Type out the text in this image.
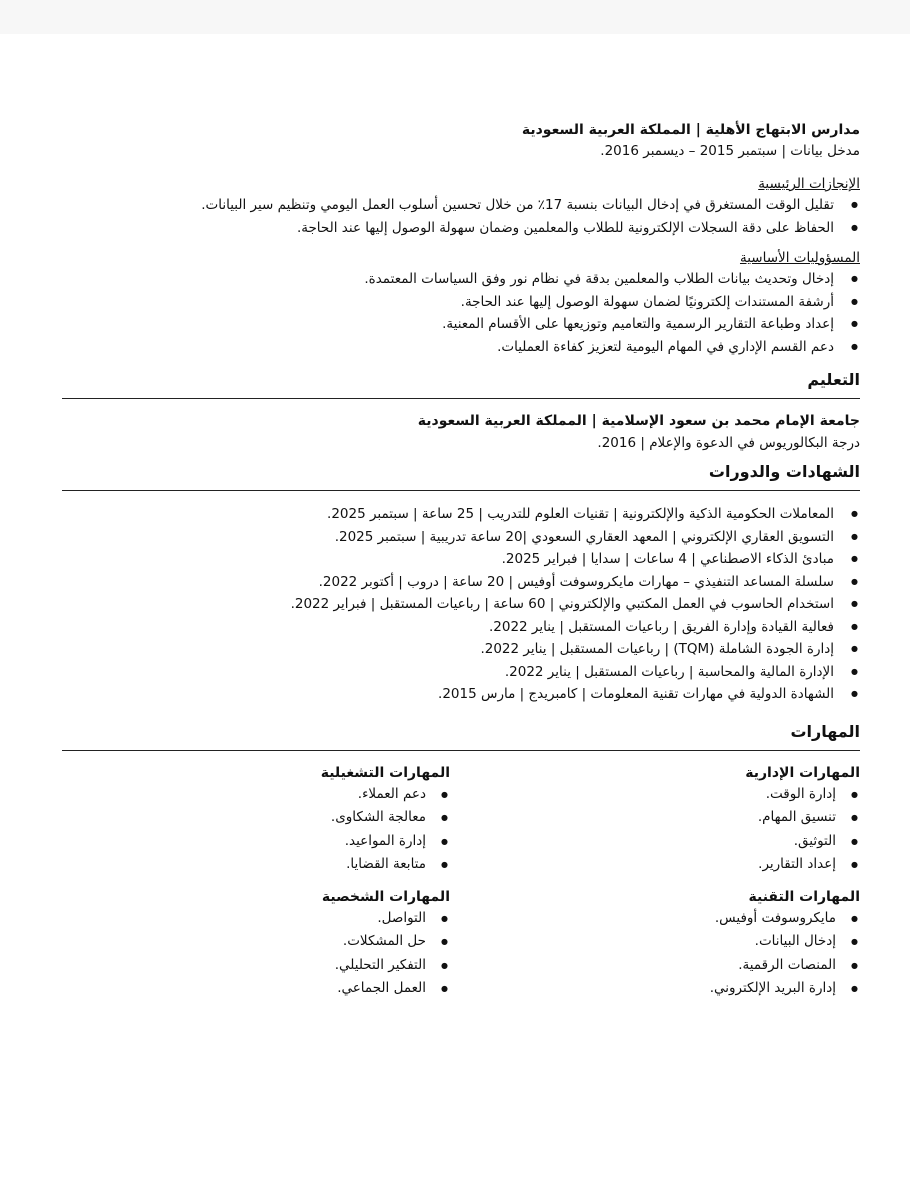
مدارس الابتهاج الأهلية | المملكة العربية السعودية

مدخل بيانات | سبتمبر 2015 – ديسمبر 2016.

الإنجازات الرئيسية

● تقليل الوقت المستغرق في إدخال البيانات بنسبة 17٪ من خلال تحسين أسلوب العمل اليومي وتنظيم سير البيانات.
● الحفاظ على دقة السجلات الإلكترونية للطلاب والمعلمين وضمان سهولة الوصول إليها عند الحاجة.

المسؤوليات الأساسية

● إدخال وتحديث بيانات الطلاب والمعلمين بدقة في نظام نور وفق السياسات المعتمدة.
● أرشفة المستندات إلكترونيًا لضمان سهولة الوصول إليها عند الحاجة.
● إعداد وطباعة التقارير الرسمية والتعاميم وتوزيعها على الأقسام المعنية.
● دعم القسم الإداري في المهام اليومية لتعزيز كفاءة العمليات.

التعليم

جامعة الإمام محمد بن سعود الإسلامية | المملكة العربية السعودية

درجة البكالوريوس في الدعوة والإعلام | 2016.

الشهادات والدورات

● المعاملات الحكومية الذكية والإلكترونية | تقنيات العلوم للتدريب | 25 ساعة | سبتمبر 2025.
● التسويق العقاري الإلكتروني | المعهد العقاري السعودي |20 ساعة تدريبية | سبتمبر 2025.
● مبادئ الذكاء الاصطناعي | 4 ساعات | سدايا | فبراير 2025.
● سلسلة المساعد التنفيذي – مهارات مايكروسوفت أوفيس | 20 ساعة | دروب | أكتوبر 2022.
● استخدام الحاسوب في العمل المكتبي والإلكتروني | 60 ساعة | رباعيات المستقبل | فبراير 2022.
● فعالية القيادة وإدارة الفريق | رباعيات المستقبل | يناير 2022.
● إدارة الجودة الشاملة (TQM) | رباعيات المستقبل | يناير 2022.
● الإدارة المالية والمحاسبة | رباعيات المستقبل | يناير 2022.
● الشهادة الدولية في مهارات تقنية المعلومات | كامبريدج | مارس 2015.

المهارات

المهارات الإدارية

● إدارة الوقت.
● تنسيق المهام.
● التوثيق.
● إعداد التقارير.

المهارات التقنية

● مايكروسوفت أوفيس.
● إدخال البيانات.
● المنصات الرقمية.
● إدارة البريد الإلكتروني.

المهارات التشغيلية

● دعم العملاء.
● معالجة الشكاوى.
● إدارة المواعيد.
● متابعة القضايا.

المهارات الشخصية

● التواصل.
● حل المشكلات.
● التفكير التحليلي.
● العمل الجماعي.
